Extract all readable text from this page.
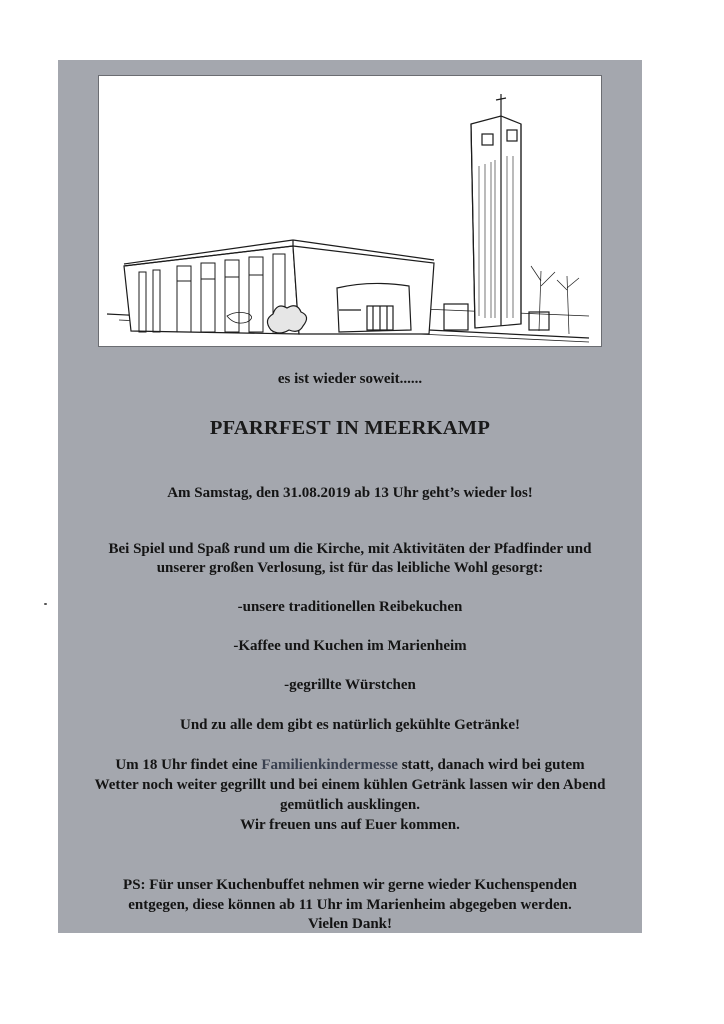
es ist wieder soweit......
PFARRFEST IN MEERKAMP
Am Samstag, den 31.08.2019 ab 13 Uhr geht’s wieder los!
Bei Spiel und Spaß rund um die Kirche, mit Aktivitäten der Pfadfinder und
unserer großen Verlosung, ist für das leibliche Wohl gesorgt:
-unsere traditionellen Reibekuchen
-Kaffee und Kuchen im Marienheim
-gegrillte Würstchen
Und zu alle dem gibt es natürlich gekühlte Getränke!
Um 18 Uhr findet eine Familienkindermesse statt, danach wird bei gutem
Wetter noch weiter gegrillt und bei einem kühlen Getränk lassen wir den Abend
gemütlich ausklingen.
Wir freuen uns auf Euer kommen.
PS: Für unser Kuchenbuffet nehmen wir gerne wieder Kuchenspenden
entgegen, diese können ab 11 Uhr im Marienheim abgegeben werden.
Vielen Dank!
